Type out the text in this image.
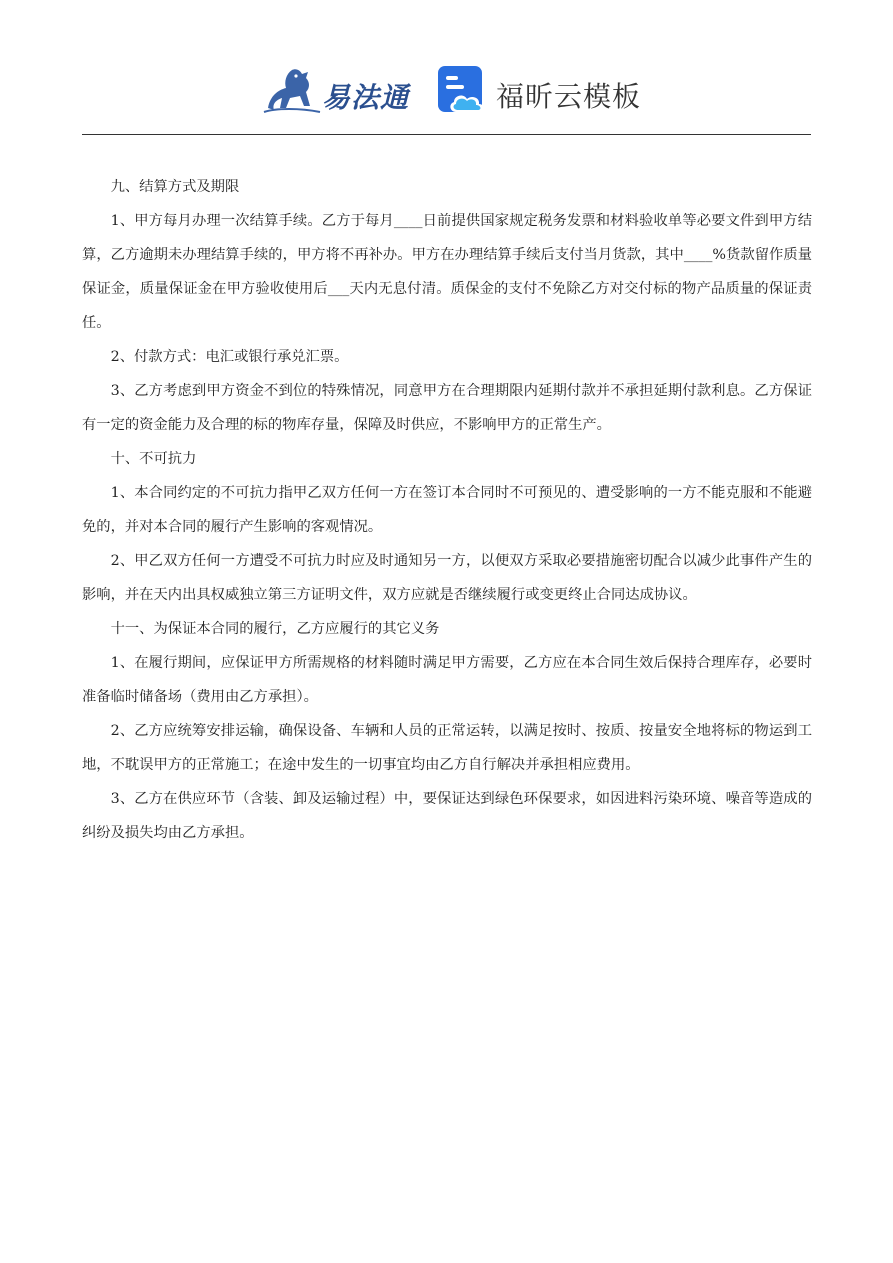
易法通	福昕云模板

九、结算方式及期限

1、甲方每月办理一次结算手续。乙方于每月____日前提供国家规定税务发票和材料验收单等必要文件到甲方结算，乙方逾期未办理结算手续的，甲方将不再补办。甲方在办理结算手续后支付当月货款，其中____%货款留作质量保证金，质量保证金在甲方验收使用后___天内无息付清。质保金的支付不免除乙方对交付标的物产品质量的保证责任。

2、付款方式：电汇或银行承兑汇票。

3、乙方考虑到甲方资金不到位的特殊情况，同意甲方在合理期限内延期付款并不承担延期付款利息。乙方保证有一定的资金能力及合理的标的物库存量，保障及时供应，不影响甲方的正常生产。

十、不可抗力

1、本合同约定的不可抗力指甲乙双方任何一方在签订本合同时不可预见的、遭受影响的一方不能克服和不能避免的，并对本合同的履行产生影响的客观情况。

2、甲乙双方任何一方遭受不可抗力时应及时通知另一方，以便双方采取必要措施密切配合以减少此事件产生的影响，并在天内出具权威独立第三方证明文件，双方应就是否继续履行或变更终止合同达成协议。

十一、为保证本合同的履行，乙方应履行的其它义务

1、在履行期间，应保证甲方所需规格的材料随时满足甲方需要，乙方应在本合同生效后保持合理库存，必要时准备临时储备场（费用由乙方承担）。

2、乙方应统筹安排运输，确保设备、车辆和人员的正常运转，以满足按时、按质、按量安全地将标的物运到工地，不耽误甲方的正常施工；在途中发生的一切事宜均由乙方自行解决并承担相应费用。

3、乙方在供应环节（含装、卸及运输过程）中，要保证达到绿色环保要求，如因进料污染环境、噪音等造成的纠纷及损失均由乙方承担。
